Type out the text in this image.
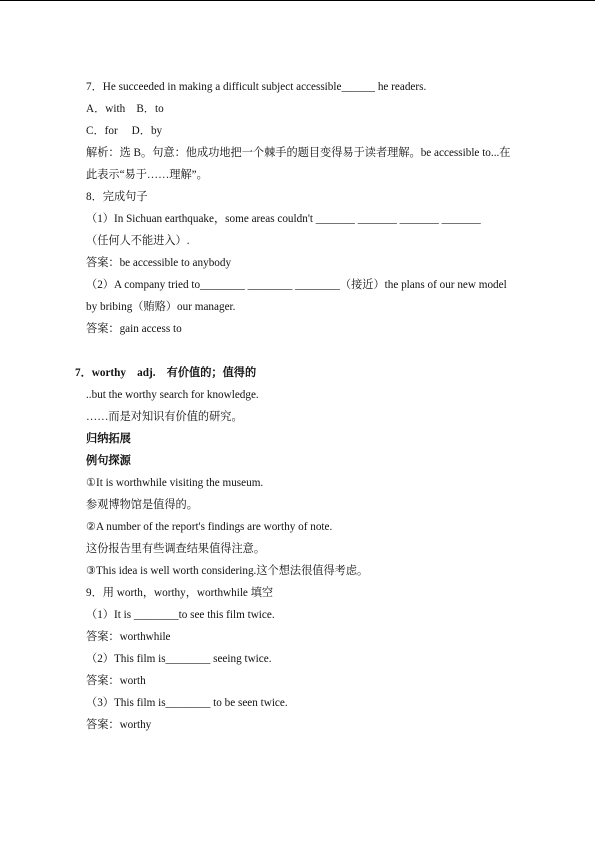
7．He succeeded in making a difficult subject accessible______ he readers.
A．with　B．to
C．for　 D．by
解析：选 B。句意：他成功地把一个棘手的题目变得易于读者理解。be accessible to...在
此表示“易于……理解”。
8．完成句子
（1）In Sichuan earthquake，some areas couldn't _______ _______ _______ _______
（任何人不能进入）.
答案：be accessible to anybody
（2）A company tried to________ ________ ________（接近）the plans of our new model
by bribing（贿赂）our manager.
答案：gain access to
7．worthy　adj.　有价值的；值得的
..but the worthy search for knowledge.
……而是对知识有价值的研究。
归纳拓展
例句探源
①It is worthwhile visiting the museum.
参观博物馆是值得的。
②A number of the report's findings are worthy of note.
这份报告里有些调查结果值得注意。
③This idea is well worth considering.这个想法很值得考虑。
9．用 worth，worthy，worthwhile 填空
（1）It is ________to see this film twice.
答案：worthwhile
（2）This film is________ seeing twice.
答案：worth
（3）This film is________ to be seen twice.
答案：worthy
